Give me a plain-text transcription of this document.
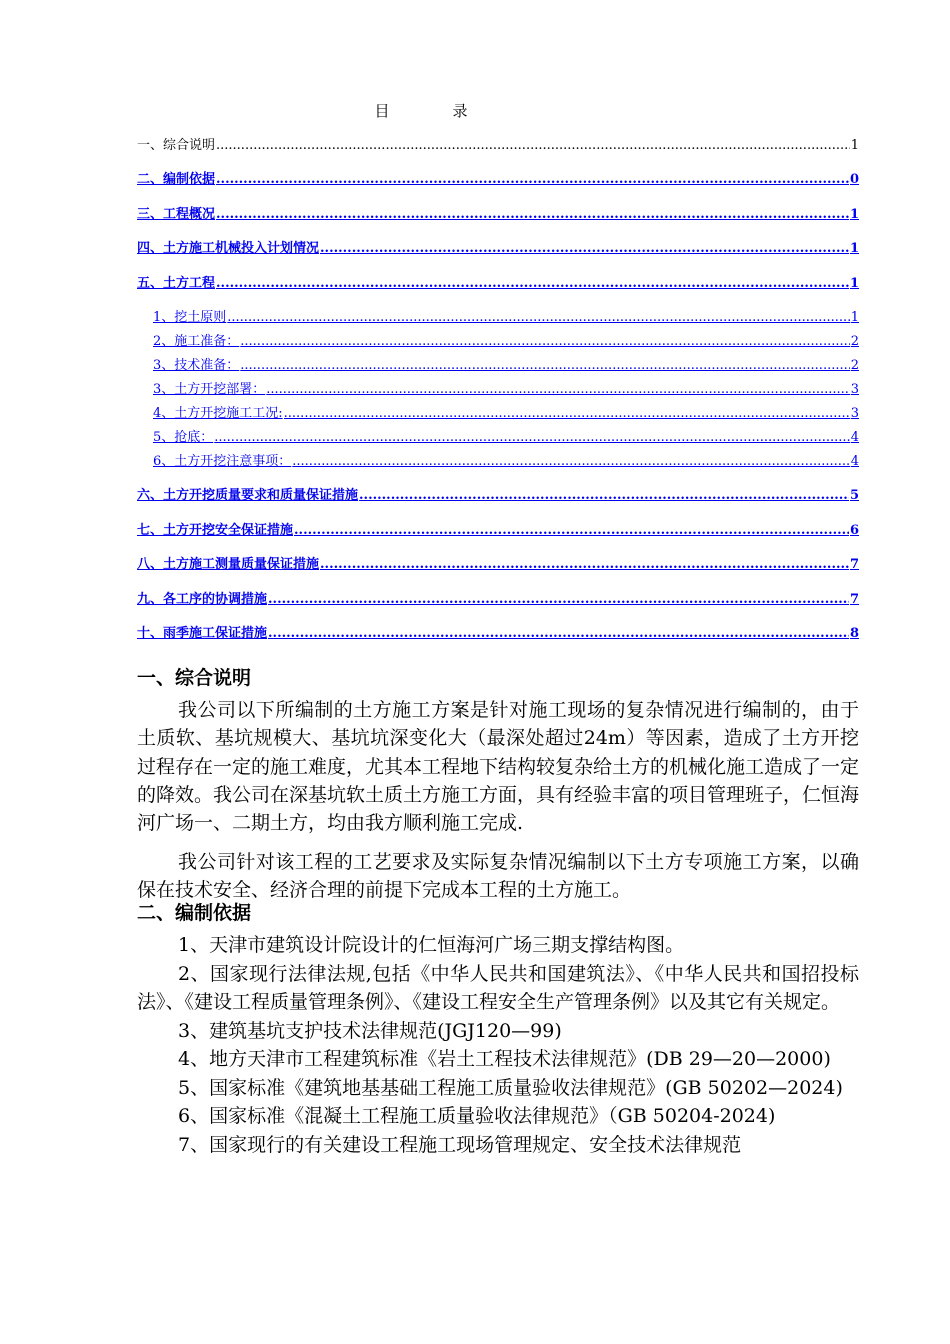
目　录
一、综合说明 .....	1
二、编制依据 .....	0
三、工程概况 .....	1
四、土方施工机械投入计划情况 .....	1
五、土方工程 .....	1
1、挖土原则 .....	1
2、施工准备： .....	2
3、技术准备： .....	2
3、土方开挖部署： .....	3
4、土方开挖施工工况: .....	3
5、抢底： .....	4
6、土方开挖注意事项： .....	4
六、土方开挖质量要求和质量保证措施 .....	5
七、土方开挖安全保证措施 .....	6
八、土方施工测量质量保证措施 .....	7
九、各工序的协调措施 .....	7
十、雨季施工保证措施 .....	8
一、综合说明
我公司以下所编制的土方施工方案是针对施工现场的复杂情况进行编制的，由于土质软、基坑规模大、基坑坑深变化大（最深处超过24m）等因素，造成了土方开挖过程存在一定的施工难度，尤其本工程地下结构较复杂给土方的机械化施工造成了一定的降效。我公司在深基坑软土质土方施工方面，具有经验丰富的项目管理班子，仁恒海河广场一、二期土方，均由我方顺利施工完成.
我公司针对该工程的工艺要求及实际复杂情况编制以下土方专项施工方案，以确保在技术安全、经济合理的前提下完成本工程的土方施工。
二、编制依据
1、天津市建筑设计院设计的仁恒海河广场三期支撑结构图。
2、国家现行法律法规,包括《中华人民共和国建筑法》、《中华人民共和国招投标法》、《建设工程质量管理条例》、《建设工程安全生产管理条例》以及其它有关规定。
3、建筑基坑支护技术法律规范(JGJ120—99)
4、地方天津市工程建筑标准《岩土工程技术法律规范》(DB 29—20—2000)
5、国家标准《建筑地基基础工程施工质量验收法律规范》(GB 50202—2024)
6、国家标准《混凝土工程施工质量验收法律规范》（GB 50204-2024)
7、国家现行的有关建设工程施工现场管理规定、安全技术法律规范
